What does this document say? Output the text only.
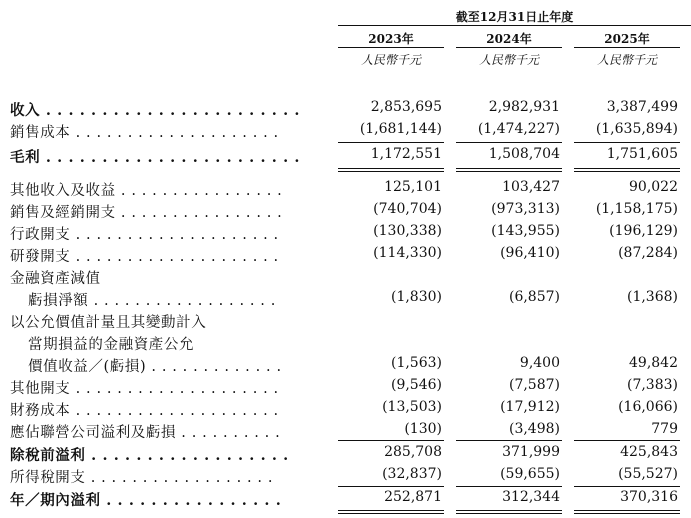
截至12月31日止年度
2023年	2024年	2025年
人民幣千元	人民幣千元	人民幣千元
收入 . . . . . . . . . . . . . . . . . . . . . . .	2,853,695	2,982,931	3,387,499
銷售成本 . . . . . . . . . . . . . . . . . . . .	(1,681,144)	(1,474,227)	(1,635,894)
毛利 . . . . . . . . . . . . . . . . . . . . . . .	1,172,551	1,508,704	1,751,605
其他收入及收益 . . . . . . . . . . . . . . . .	125,101	103,427	90,022
銷售及經銷開支 . . . . . . . . . . . . . . . .	(740,704)	(973,313)	(1,158,175)
行政開支 . . . . . . . . . . . . . . . . . . . .	(130,338)	(143,955)	(196,129)
研發開支 . . . . . . . . . . . . . . . . . . . .	(114,330)	(96,410)	(87,284)
金融資產減值
虧損淨額 . . . . . . . . . . . . . . . . . .	(1,830)	(6,857)	(1,368)
以公允價值計量且其變動計入
當期損益的金融資產公允
價值收益／(虧損) . . . . . . . . . . . . .	(1,563)	9,400	49,842
其他開支 . . . . . . . . . . . . . . . . . . . .	(9,546)	(7,587)	(7,383)
財務成本 . . . . . . . . . . . . . . . . . . . .	(13,503)	(17,912)	(16,066)
應佔聯營公司溢利及虧損 . . . . . . . . . .	(130)	(3,498)	779
除稅前溢利 . . . . . . . . . . . . . . . . . .	285,708	371,999	425,843
所得稅開支 . . . . . . . . . . . . . . . . . .	(32,837)	(59,655)	(55,527)
年／期內溢利 . . . . . . . . . . . . . . . .	252,871	312,344	370,316
